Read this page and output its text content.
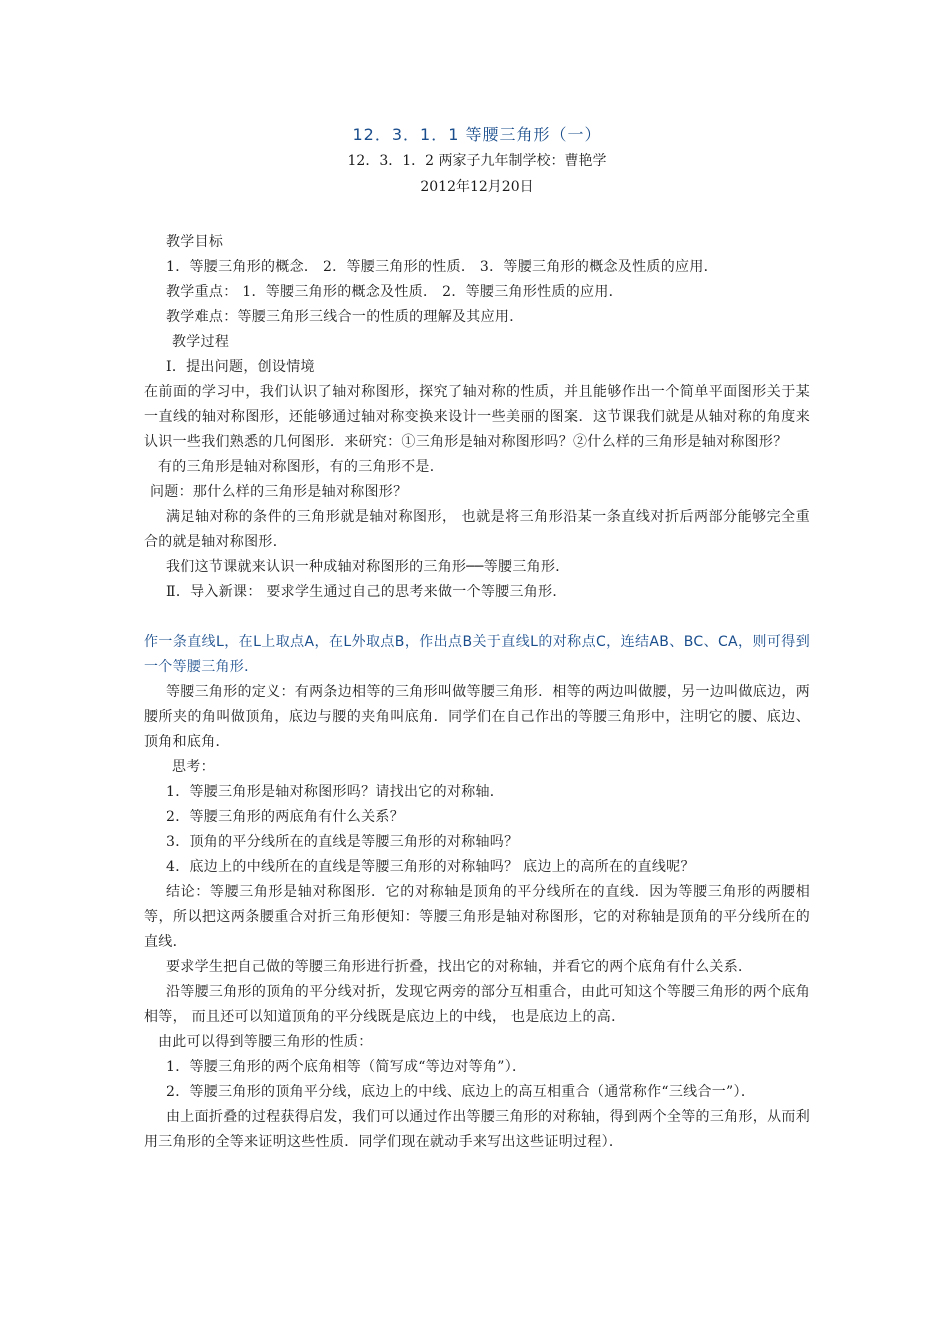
12．3．1．1 等腰三角形（一）
12．3．1．2 两家子九年制学校：曹艳学
2012年12月20日

教学目标

1．等腰三角形的概念． 2．等腰三角形的性质． 3．等腰三角形的概念及性质的应用．

教学重点： 1．等腰三角形的概念及性质． 2．等腰三角形性质的应用．

教学难点：等腰三角形三线合一的性质的理解及其应用．

教学过程

Ⅰ．提出问题，创设情境

在前面的学习中，我们认识了轴对称图形，探究了轴对称的性质，并且能够作出一个简单平面图形关于某一直线的轴对称图形，还能够通过轴对称变换来设计一些美丽的图案．这节课我们就是从轴对称的角度来认识一些我们熟悉的几何图形．来研究：①三角形是轴对称图形吗？②什么样的三角形是轴对称图形？

有的三角形是轴对称图形，有的三角形不是．

问题：那什么样的三角形是轴对称图形？

满足轴对称的条件的三角形就是轴对称图形， 也就是将三角形沿某一条直线对折后两部分能够完全重合的就是轴对称图形．

我们这节课就来认识一种成轴对称图形的三角形──等腰三角形．

Ⅱ．导入新课： 要求学生通过自己的思考来做一个等腰三角形．

作一条直线L，在L上取点A，在L外取点B，作出点B关于直线L的对称点C，连结AB、BC、CA，则可得到一个等腰三角形．

等腰三角形的定义：有两条边相等的三角形叫做等腰三角形．相等的两边叫做腰，另一边叫做底边，两腰所夹的角叫做顶角，底边与腰的夹角叫底角．同学们在自己作出的等腰三角形中，注明它的腰、底边、顶角和底角．

思考：

1．等腰三角形是轴对称图形吗？请找出它的对称轴．

2．等腰三角形的两底角有什么关系？

3．顶角的平分线所在的直线是等腰三角形的对称轴吗？

4．底边上的中线所在的直线是等腰三角形的对称轴吗？ 底边上的高所在的直线呢？

结论：等腰三角形是轴对称图形．它的对称轴是顶角的平分线所在的直线．因为等腰三角形的两腰相等，所以把这两条腰重合对折三角形便知：等腰三角形是轴对称图形，它的对称轴是顶角的平分线所在的直线．

要求学生把自己做的等腰三角形进行折叠，找出它的对称轴，并看它的两个底角有什么关系．

沿等腰三角形的顶角的平分线对折，发现它两旁的部分互相重合，由此可知这个等腰三角形的两个底角相等， 而且还可以知道顶角的平分线既是底边上的中线， 也是底边上的高．

由此可以得到等腰三角形的性质：

1．等腰三角形的两个底角相等（简写成“等边对等角”）．

2．等腰三角形的顶角平分线，底边上的中线、底边上的高互相重合（通常称作“三线合一”）．

由上面折叠的过程获得启发，我们可以通过作出等腰三角形的对称轴，得到两个全等的三角形，从而利用三角形的全等来证明这些性质．同学们现在就动手来写出这些证明过程）．
